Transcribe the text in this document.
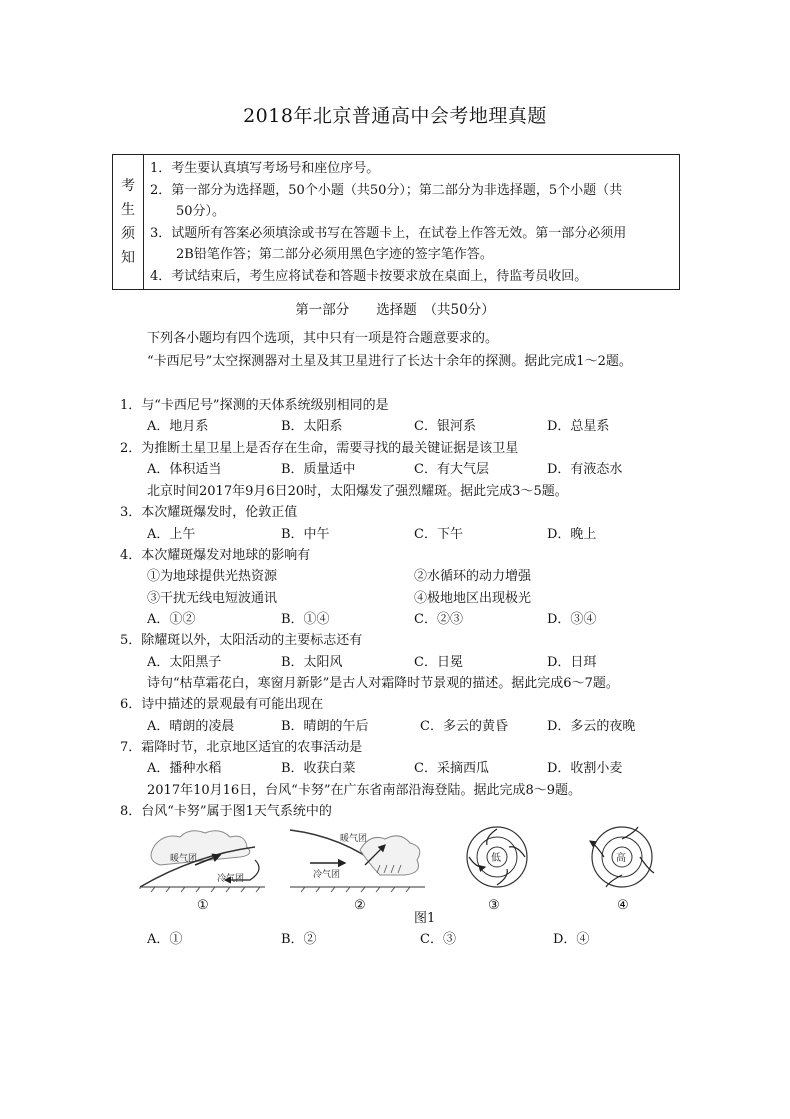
2018年北京普通高中会考地理真题
考
生
须
知

1．考生要认真填写考场号和座位序号。
2．第一部分为选择题，50个小题（共50分）；第二部分为非选择题，5个小题（共
50分）。
3．试题所有答案必须填涂或书写在答题卡上，在试卷上作答无效。第一部分必须用
2B铅笔作答；第二部分必须用黑色字迹的签字笔作答。
4．考试结束后，考生应将试卷和答题卡按要求放在桌面上，待监考员收回。
第一部分　　选择题　（共50分）
下列各小题均有四个选项，其中只有一项是符合题意要求的。
“卡西尼号”太空探测器对土星及其卫星进行了长达十余年的探测。据此完成1～2题。
1．与“卡西尼号”探测的天体系统级别相同的是
A．地月系	B．太阳系	C．银河系	D．总星系
2．为推断土星卫星上是否存在生命，需要寻找的最关键证据是该卫星
A．体积适当	B．质量适中	C．有大气层	D．有液态水
北京时间2017年9月6日20时，太阳爆发了强烈耀斑。据此完成3～5题。
3．本次耀斑爆发时，伦敦正值
A．上午	B．中午	C．下午	D．晚上
4．本次耀斑爆发对地球的影响有
①为地球提供光热资源	②水循环的动力增强
③干扰无线电短波通讯	④极地地区出现极光
A．①②	B．①④	C．②③	D．③④
5．除耀斑以外，太阳活动的主要标志还有
A．太阳黑子	B．太阳风	C．日冕	D．日珥
诗句“枯草霜花白，寒窗月新影”是古人对霜降时节景观的描述。据此完成6～7题。
6．诗中描述的景观最有可能出现在
A．晴朗的凌晨	B．晴朗的午后	C．多云的黄昏	D．多云的夜晚
7．霜降时节，北京地区适宜的农事活动是
A．播种水稻	B．收获白菜	C．采摘西瓜	D．收割小麦
2017年10月16日，台风“卡努”在广东省南部沿海登陆。据此完成8～9题。
8．台风“卡努”属于图1天气系统中的
暖气团
冷气团
暖气团
冷气团
低	高
①	②	③	④
图1
A．①	B．②	C．③	D．④
